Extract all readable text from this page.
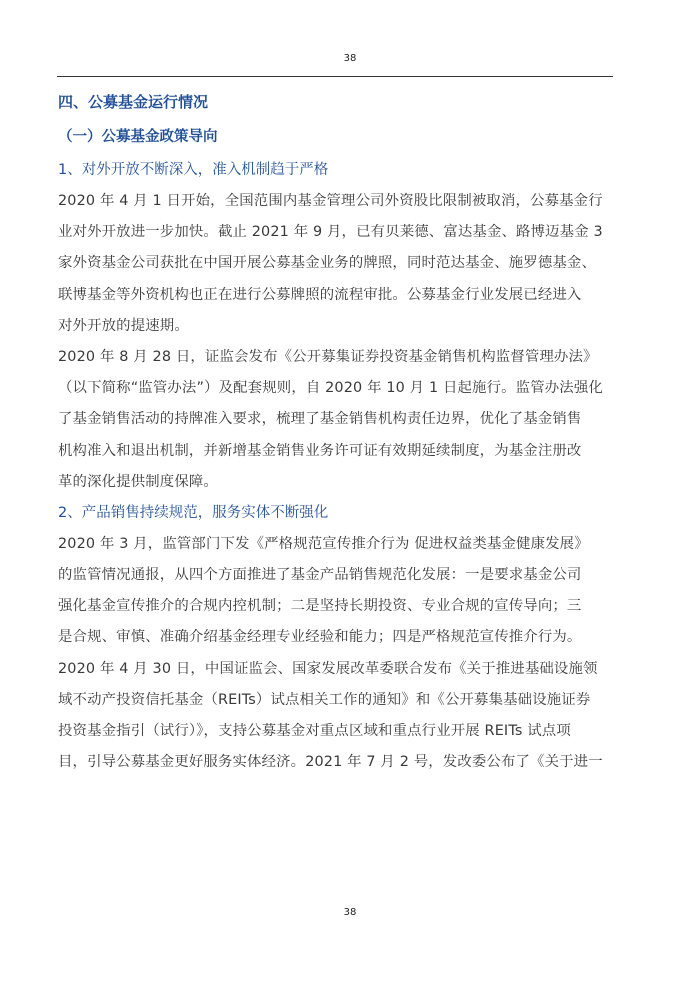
38
四、公募基金运行情况
（一）公募基金政策导向
1、对外开放不断深入，准入机制趋于严格
2020 年 4 月 1 日开始，全国范围内基金管理公司外资股比限制被取消，公募基金行
业对外开放进一步加快。截止 2021 年 9 月，已有贝莱德、富达基金、路博迈基金 3
家外资基金公司获批在中国开展公募基金业务的牌照，同时范达基金、施罗德基金、
联博基金等外资机构也正在进行公募牌照的流程审批。公募基金行业发展已经进入
对外开放的提速期。
2020 年 8 月 28 日，证监会发布《公开募集证券投资基金销售机构监督管理办法》
（以下简称“监管办法”）及配套规则，自 2020 年 10 月 1 日起施行。监管办法强化
了基金销售活动的持牌准入要求，梳理了基金销售机构责任边界，优化了基金销售
机构准入和退出机制，并新增基金销售业务许可证有效期延续制度，为基金注册改
革的深化提供制度保障。
2、产品销售持续规范，服务实体不断强化
2020 年 3 月，监管部门下发《严格规范宣传推介行为 促进权益类基金健康发展》
的监管情况通报，从四个方面推进了基金产品销售规范化发展：一是要求基金公司
强化基金宣传推介的合规内控机制；二是坚持长期投资、专业合规的宣传导向；三
是合规、审慎、准确介绍基金经理专业经验和能力；四是严格规范宣传推介行为。
2020 年 4 月 30 日，中国证监会、国家发展改革委联合发布《关于推进基础设施领
域不动产投资信托基金（REITs）试点相关工作的通知》和《公开募集基础设施证券
投资基金指引（试行）》，支持公募基金对重点区域和重点行业开展 REITs 试点项
目，引导公募基金更好服务实体经济。2021 年 7 月 2 号，发改委公布了《关于进一
38
